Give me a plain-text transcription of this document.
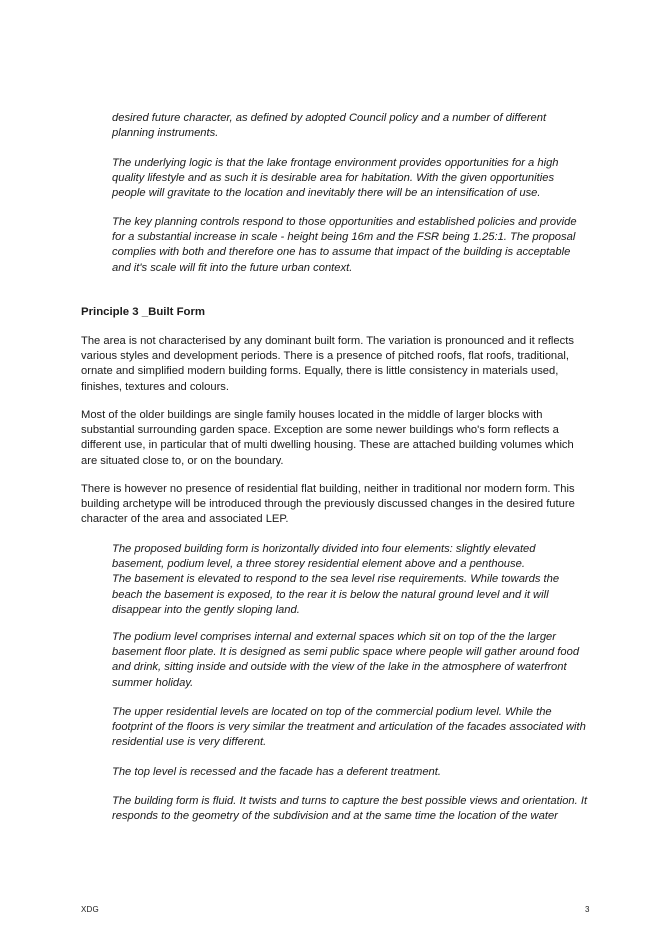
desired future character, as defined by adopted Council policy and a number of different
planning instruments.

The underlying logic is that the lake frontage environment provides opportunities for a high
quality lifestyle and as such it is desirable area for habitation. With the given opportunities
people will gravitate to the location and inevitably there will be an intensification of use.

The key planning controls respond to those opportunities and established policies and provide
for a substantial increase in scale - height being 16m and the FSR being 1.25:1. The proposal
complies with both and therefore one has to assume that impact of the building is acceptable
and it's scale will fit into the future urban context.

Principle 3 _Built Form

The area is not characterised by any dominant built form. The variation is pronounced and it reflects
various styles and development periods. There is a presence of pitched roofs, flat roofs, traditional,
ornate and simplified modern building forms. Equally, there is little consistency in materials used,
finishes, textures and colours.

Most of the older buildings are single family houses located in the middle of larger blocks with
substantial surrounding garden space. Exception are some newer buildings who's form reflects a
different use, in particular that of multi dwelling housing. These are attached building volumes which
are situated close to, or on the boundary.

There is however no presence of residential flat building, neither in traditional nor modern form. This
building archetype will be introduced through the previously discussed changes in the desired future
character of the area and associated LEP.

The proposed building form is horizontally divided into four elements: slightly elevated
basement, podium level, a three storey residential element above and a penthouse.
The basement is elevated to respond to the sea level rise requirements. While towards the
beach the basement is exposed, to the rear it is below the natural ground level and it will
disappear into the gently sloping land.

The podium level comprises internal and external spaces which sit on top of the the larger
basement floor plate. It is designed as semi public space where people will gather around food
and drink, sitting inside and outside with the view of the lake in the atmosphere of waterfront
summer holiday.

The upper residential levels are located on top of the commercial podium level. While the
footprint of the floors is very similar the treatment and articulation of the facades associated with
residential use is very different.

The top level is recessed and the facade has a deferent treatment.

The building form is fluid. It twists and turns to capture the best possible views and orientation. It
responds to the geometry of the subdivision and at the same time the location of the water

XDG	3
